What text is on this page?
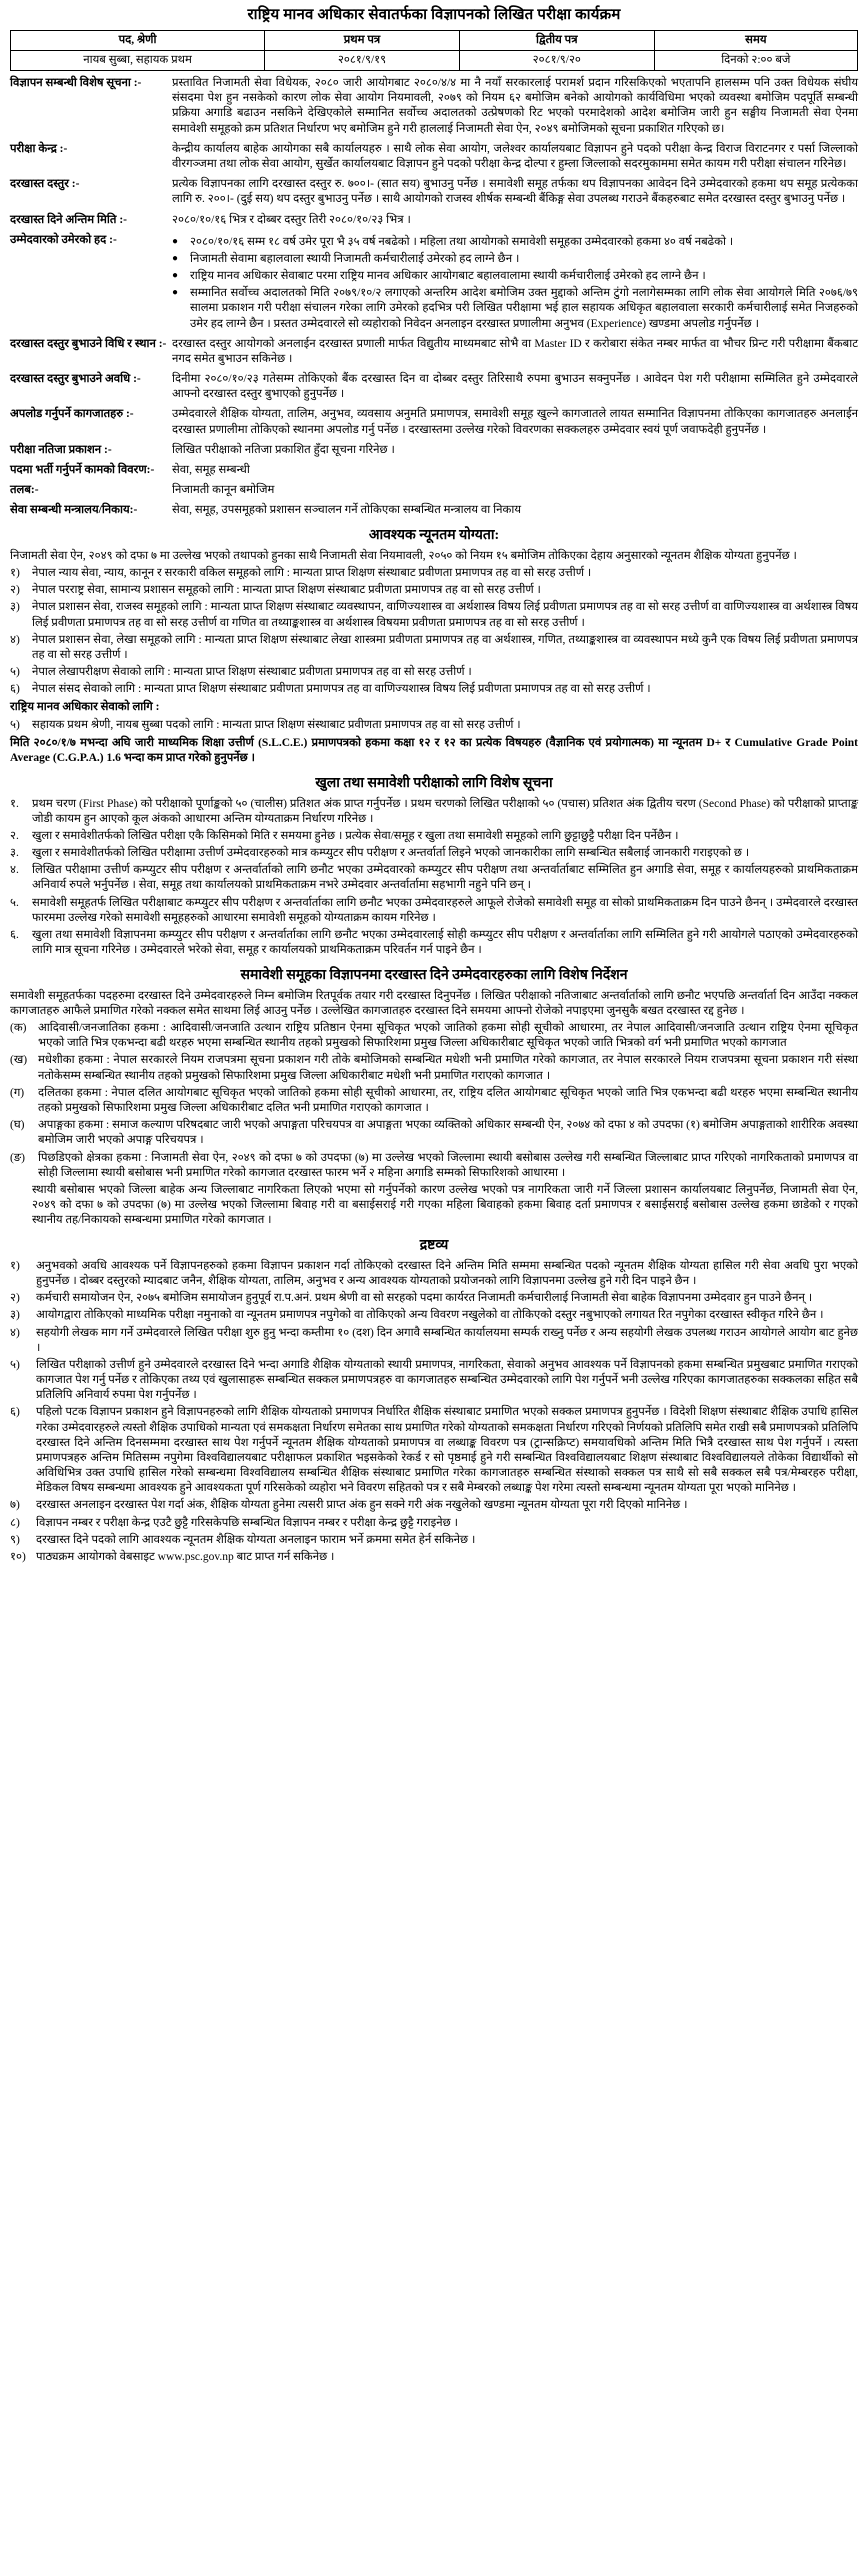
राष्ट्रिय मानव अधिकार सेवातर्फका विज्ञापनको लिखित परीक्षा कार्यक्रम
पद, श्रेणी	प्रथम पत्र	द्वितीय पत्र	समय
नायब सुब्बा, सहायक प्रथम	२०८१/९/१९	२०८१/९/२०	दिनको २:०० बजे
विज्ञापन सम्बन्धी विशेष सूचना :-	प्रस्तावित निजामती सेवा विधेयक, २०८० जारी आयोगबाट २०८०/४/४ मा नै नयाँ सरकारलाई परामर्श प्रदान गरिसकिएको भएतापनि हालसम्म पनि उक्त विधेयक संघीय संसदमा पेश हुन नसकेको कारण लोक सेवा आयोग नियमावली, २०७९ को नियम ६२ बमोजिम बनेको आयोगको कार्यविधिमा भएको व्यवस्था बमोजिम पदपूर्ति सम्बन्धी प्रक्रिया अगाडि बढाउन नसकिने देखिएकोले सम्मानित सर्वोच्च अदालतको उत्प्रेषणको रिट भएको परमादेशको आदेश बमोजिम जारी हुन सङ्घीय निजामती सेवा ऐनमा समावेशी समूहको क्रम प्रतिशत निर्धारण भए बमोजिम हुने गरी हाललाई निजामती सेवा ऐन, २०४९ बमोजिमको सूचना प्रकाशित गरिएको छ।
परीक्षा केन्द्र :-	केन्द्रीय कार्यालय बाहेक आयोगका सबै कार्यालयहरु । साथै लोक सेवा आयोग, जलेश्वर कार्यालयबाट विज्ञापन हुने पदको परीक्षा केन्द्र विराज विराटनगर र पर्सा जिल्लाको वीरगञ्जमा तथा लोक सेवा आयोग, सुर्खेत कार्यालयबाट विज्ञापन हुने पदको परीक्षा केन्द्र दोल्पा र हुम्ला जिल्लाको सदरमुकाममा समेत कायम गरी परीक्षा संचालन गरिनेछ।
दरखास्त दस्तुर :-	प्रत्येक विज्ञापनका लागि दरखास्त दस्तुर रु. ७००।- (सात सय) बुभाउनु पर्नेछ । समावेशी समूह तर्फका थप विज्ञापनका आवेदन दिने उम्मेदवारको हकमा थप समूह प्रत्येकका लागि रु. २००।- (दुई सय) थप दस्तुर बुभाउनु पर्नेछ । साथै आयोगको राजस्व शीर्षक सम्बन्धी बैंकिङ्ग सेवा उपलब्ध गराउने बैंकहरुबाट समेत दरखास्त दस्तुर बुभाउनु पर्नेछ ।
दरखास्त दिने अन्तिम मिति :-	२०८०/१०/१६ भित्र र दोब्बर दस्तुर तिरी २०८०/१०/२३ भित्र ।
उम्मेदवारको उमेरको हद :-	●	२०८०/१०/१६ सम्म १८ वर्ष उमेर पूरा भै ३५ वर्ष नबढेको । महिला तथा आयोगको समावेशी समूहका उम्मेदवारको हकमा ४० वर्ष नबढेको ।
●	निजामती सेवामा बहालवाला स्थायी निजामती कर्मचारीलाई उमेरको हद लाग्ने छैन ।
●	राष्ट्रिय मानव अधिकार सेवाबाट परमा राष्ट्रिय मानव अधिकार आयोगबाट बहालवालामा स्थायी कर्मचारीलाई उमेरको हद लाग्ने छैन ।
●	सम्मानित सर्वोच्च अदालतको मिति २०७९/१०/२ लगाएको अन्तरिम आदेश बमोजिम उक्त मुद्दाको अन्तिम टुंगो नलागेसम्मका लागि लोक सेवा आयोगले मिति २०७६/७९ सालमा प्रकाशन गरी परीक्षा संचालन गरेका लागि उमेरको हदभित्र परी लिखित परीक्षामा भई हाल सहायक अधिकृत बहालवाला सरकारी कर्मचारीलाई समेत निजहरुको उमेर हद लाग्ने छैन । प्रस्तत उम्मेदवारले सो व्यहोराको निवेदन अनलाइन दरखास्त प्रणालीमा अनुभव (Experience) खण्डमा अपलोड गर्नुपर्नेछ ।
दरखास्त दस्तुर बुभाउने विधि र स्थान :- दरखास्त दस्तुर आयोगको अनलाईन दरखास्त प्रणाली मार्फत विद्युतीय माध्यमबाट सोभै वा Master ID र करोबारा संकेत नम्बर मार्फत वा भौचर प्रिन्ट गरी परीक्षामा बैंकबाट नगद समेत बुभाउन सकिनेछ ।
दरखास्त दस्तुर बुभाउने अवधि :-	दिनीमा २०८०/१०/२३ गतेसम्म तोकिएको बैंक दरखास्त दिन वा दोब्बर दस्तुर तिरिसाथै रुपमा बुभाउन सक्नुपर्नेछ । आवेदन पेश गरी परीक्षामा सम्मिलित हुने उम्मेदवारले आफ्नो दरखास्त दस्तुर बुभाएको हुनुपर्नेछ ।
अपलोड गर्नुपर्ने कागजातहरु :-	उम्मेदवारले शैक्षिक योग्यता, तालिम, अनुभव, व्यवसाय अनुमति प्रमाणपत्र, समावेशी समूह खुल्ने कागजातले लायत सम्मानित विज्ञापनमा तोकिएका कागजातहरु अनलाईन दरखास्त प्रणालीमा तोकिएको स्थानमा अपलोड गर्नु पर्नेछ । दरखास्तमा उल्लेख गरेको विवरणका सक्कलहरु उम्मेदवार स्वयं पूर्ण जवाफदेही हुनुपर्नेछ ।
परीक्षा नतिजा प्रकाशन :-	लिखित परीक्षाको नतिजा प्रकाशित हुँदा सूचना गरिनेछ ।
पदमा भर्ती गर्नुपर्ने कामको विवरण:-	सेवा, समूह सम्बन्धी
तलब:-	निजामती कानून बमोजिम
सेवा सम्बन्धी मन्त्रालय/निकाय:-	सेवा, समूह, उपसमूहको प्रशासन सञ्चालन गर्ने तोकिएका सम्बन्धित मन्त्रालय वा निकाय
आवश्यक न्यूनतम योग्यता:
निजामती सेवा ऐन, २०४९ को दफा ७ मा उल्लेख भएको तथापको हुनका साथै निजामती सेवा नियमावली, २०५० को नियम १५ बमोजिम तोकिएका देहाय अनुसारको न्यूनतम शैक्षिक योग्यता हुनुपर्नेछ ।
१)	नेपाल न्याय सेवा, न्याय, कानून र सरकारी वकिल समूहको लागि : मान्यता प्राप्त शिक्षण संस्थाबाट प्रवीणता प्रमाणपत्र तह वा सो सरह उत्तीर्ण ।
२)	नेपाल परराष्ट्र सेवा, सामान्य प्रशासन समूहको लागि : मान्यता प्राप्त शिक्षण संस्थाबाट प्रवीणता प्रमाणपत्र तह वा सो सरह उत्तीर्ण ।
३)	नेपाल प्रशासन सेवा, राजस्व समूहको लागि : मान्यता प्राप्त शिक्षण संस्थाबाट व्यवस्थापन, वाणिज्यशास्त्र वा अर्थशास्त्र विषय लिई प्रवीणता प्रमाणपत्र तह वा सो सरह उत्तीर्ण वा वाणिज्यशास्त्र वा अर्थशास्त्र विषय लिई प्रवीणता प्रमाणपत्र तह वा सो सरह उत्तीर्ण वा गणित वा तथ्याङ्कशास्त्र वा अर्थशास्त्र विषयमा प्रवीणता प्रमाणपत्र तह वा सो सरह उत्तीर्ण ।
४)	नेपाल प्रशासन सेवा, लेखा समूहको लागि : मान्यता प्राप्त शिक्षण संस्थाबाट लेखा शास्त्रमा प्रवीणता प्रमाणपत्र तह वा अर्थशास्त्र, गणित, तथ्याङ्कशास्त्र वा व्यवस्थापन मध्ये कुनै एक विषय लिई प्रवीणता प्रमाणपत्र तह वा सो सरह उत्तीर्ण ।
५)	नेपाल लेखापरीक्षण सेवाको लागि : मान्यता प्राप्त शिक्षण संस्थाबाट प्रवीणता प्रमाणपत्र तह वा सो सरह उत्तीर्ण ।
६)	नेपाल संसद सेवाको लागि : मान्यता प्राप्त शिक्षण संस्थाबाट प्रवीणता प्रमाणपत्र तह वा वाणिज्यशास्त्र विषय लिई प्रवीणता प्रमाणपत्र तह वा सो सरह उत्तीर्ण ।
राष्ट्रिय मानव अधिकार सेवाको लागि :
५)	सहायक प्रथम श्रेणी, नायब सुब्बा पदको लागि : मान्यता प्राप्त शिक्षण संस्थाबाट प्रवीणता प्रमाणपत्र तह वा सो सरह उत्तीर्ण ।
मिति २०८०/१/७ मभन्दा अघि जारी माध्यमिक शिक्षा उत्तीर्ण (S.L.C.E.) प्रमाणपत्रको हकमा कक्षा १२ र १२ का प्रत्येक विषयहरु (वैज्ञानिक एवं प्रयोगात्मक) मा न्यूनतम D+ र Cumulative Grade Point Average (C.G.P.A.) 1.6 भन्दा कम प्राप्त गरेको हुनुपर्नेछ ।
खुला तथा समावेशी परीक्षाको लागि विशेष सूचना
१.	प्रथम चरण (First Phase) को परीक्षाको पूर्णाङ्कको ५० (चालीस) प्रतिशत अंक प्राप्त गर्नुपर्नेछ । प्रथम चरणको लिखित परीक्षाको ५० (पचास) प्रतिशत अंक द्वितीय चरण (Second Phase) को परीक्षाको प्राप्ताङ्क जोडी कायम हुन आएको कूल अंकको आधारमा अन्तिम योग्यताक्रम निर्धारण गरिनेछ ।
२.	खुला र समावेशीतर्फको लिखित परीक्षा एकै किसिमको मिति र समयमा हुनेछ । प्रत्येक सेवा/समूह र खुला तथा समावेशी समूहको लागि छुट्टाछुट्टै परीक्षा दिन पर्नेछैन ।
३.	खुला र समावेशीतर्फको लिखित परीक्षामा उत्तीर्ण उम्मेदवारहरुको मात्र कम्प्युटर सीप परीक्षण र अन्तर्वार्ता लिइने भएको जानकारीका लागि सम्बन्धित सबैलाई जानकारी गराइएको छ ।
४.	लिखित परीक्षामा उत्तीर्ण कम्प्युटर सीप परीक्षण र अन्तर्वार्ताको लागि छनौट भएका उम्मेदवारको कम्प्युटर सीप परीक्षण तथा अन्तर्वार्ताबाट सम्मिलित हुन अगाडि सेवा, समूह र कार्यालयहरुको प्राथमिकताक्रम अनिवार्य रुपले भर्नुपर्नेछ । सेवा, समूह तथा कार्यालयको प्राथमिकताक्रम नभरे उम्मेदवार अन्तर्वार्तामा सहभागी नहुने पनि छन् ।
५.	समावेशी समूहतर्फ लिखित परीक्षाबाट कम्प्युटर सीप परीक्षण र अन्तर्वार्ताका लागि छनौट भएका उम्मेदवारहरुले आफूले रोजेको समावेशी समूह वा सोको प्राथमिकताक्रम दिन पाउने छैनन् । उम्मेदवारले दरखास्त फारममा उल्लेख गरेको समावेशी समूहहरुको आधारमा समावेशी समूहको योग्यताक्रम कायम गरिनेछ ।
६.	खुला तथा समावेशी विज्ञापनमा कम्प्युटर सीप परीक्षण र अन्तर्वार्ताका लागि छनौट भएका उम्मेदवारलाई सोही कम्प्युटर सीप परीक्षण र अन्तर्वार्ताका लागि सम्मिलित हुने गरी आयोगले पठाएको उम्मेदवारहरुको लागि मात्र सूचना गरिनेछ । उम्मेदवारले भरेको सेवा, समूह र कार्यालयको प्राथमिकताक्रम परिवर्तन गर्न पाइने छैन ।
समावेशी समूहका विज्ञापनमा दरखास्त दिने उम्मेदवारहरुका लागि विशेष निर्देशन
समावेशी समूहतर्फका पदहरुमा दरखास्त दिने उम्मेदवारहरुले निम्न बमोजिम रितपूर्वक तयार गरी दरखास्त दिनुपर्नेछ । लिखित परीक्षाको नतिजाबाट अन्तर्वार्ताको लागि छनौट भएपछि अन्तर्वार्ता दिन आउँदा नक्कल कागजातहरु आफैले प्रमाणित गरेको नक्कल समेत साथमा लिई आउनु पर्नेछ । उल्लेखित कागजातहरु दरखास्त दिने समयमा आफ्नो रोजेको नपाइएमा जुनसुकै बखत दरखास्त रद्द हुनेछ ।
(क)	आदिवासी/जनजातिका हकमा : आदिवासी/जनजाति उत्थान राष्ट्रिय प्रतिष्ठान ऐनमा सूचिकृत भएको जातिको हकमा सोही सूचीको आधारमा, तर नेपाल आदिवासी/जनजाति उत्थान राष्ट्रिय ऐनमा सूचिकृत भएको जाति भित्र एकभन्दा बढी थरहरु भएमा सम्बन्धित स्थानीय तहको प्रमुखको सिफारिशमा प्रमुख जिल्ला अधिकारीबाट सूचिकृत भएको जाति भित्रको वर्ग भनी प्रमाणित भएको कागजात
(ख) मधेशीका हकमा : नेपाल सरकारले नियम राजपत्रमा सूचना प्रकाशन गरी तोके बमोजिमको सम्बन्धित मधेशी भनी प्रमाणित गरेको कागजात, तर नेपाल सरकारले नियम राजपत्रमा सूचना प्रकाशन गरी संस्था नतोकेसम्म सम्बन्धित स्थानीय तहको प्रमुखको सिफारिशमा प्रमुख जिल्ला अधिकारीबाट मधेशी भनी प्रमाणित गराएको कागजात ।
(ग)	दलितका हकमा : नेपाल दलित आयोगबाट सूचिकृत भएको जातिको हकमा सोही सूचीको आधारमा, तर, राष्ट्रिय दलित आयोगबाट सूचिकृत भएको जाति भित्र एकभन्दा बढी थरहरु भएमा सम्बन्धित स्थानीय तहको प्रमुखको सिफारिशमा प्रमुख जिल्ला अधिकारीबाट दलित भनी प्रमाणित गराएको कागजात ।
(घ)	अपाङ्गका हकमा : समाज कल्याण परिषदबाट जारी भएको अपाङ्गता परिचयपत्र वा अपाङ्गता भएका व्यक्तिको अधिकार सम्बन्धी ऐन, २०७४ को दफा ४ को उपदफा (१) बमोजिम अपाङ्गताको शारीरिक अवस्था बमोजिम जारी भएको अपाङ्ग परिचयपत्र ।
(ङ)	पिछडिएको क्षेत्रका हकमा : निजामती सेवा ऐन, २०४९ को दफा ७ को उपदफा (७) मा उल्लेख भएको जिल्लामा स्थायी बसोबास उल्लेख गरी सम्बन्धित जिल्लाबाट प्राप्त गरिएको नागरिकताको प्रमाणपत्र वा सोही जिल्लामा स्थायी बसोबास भनी प्रमाणित गरेको कागजात दरखास्त फारम भर्ने २ महिना अगाडि सम्मको सिफारिशको आधारमा ।
स्थायी बसोबास भएको जिल्ला बाहेक अन्य जिल्लाबाट नागरिकता लिएको भएमा सो गर्नुपर्नेको कारण उल्लेख भएको पत्र नागरिकता जारी गर्ने जिल्ला प्रशासन कार्यालयबाट लिनुपर्नेछ, निजामती सेवा ऐन, २०४९ को दफा ७ को उपदफा (७) मा उल्लेख भएको जिल्लामा बिवाह गरी वा बसाईसराई गरी गएका महिला बिवाहको हकमा बिवाह दर्ता प्रमाणपत्र र बसाईसराई बसोबास उल्लेख हकमा छाडेको र गएको स्थानीय तह/निकायको सम्बन्धमा प्रमाणित गरेको कागजात ।
द्रष्टव्य
१)	अनुभवको अवधि आवश्यक पर्ने विज्ञापनहरुको हकमा विज्ञापन प्रकाशन गर्दा तोकिएको दरखास्त दिने अन्तिम मिति सम्ममा सम्बन्धित पदको न्यूनतम शैक्षिक योग्यता हासिल गरी सेवा अवधि पुरा भएको हुनुपर्नेछ । दोब्बर दस्तुरको म्यादबाट जनैन, शैक्षिक योग्यता, तालिम, अनुभव र अन्य आवश्यक योग्यताको प्रयोजनको लागि विज्ञापनमा उल्लेख हुने गरी दिन पाइने छैन ।
२)	कर्मचारी समायोजन ऐन, २०७५ बमोजिम समायोजन हुनुपूर्व रा.प.अनं. प्रथम श्रेणी वा सो सरहको पदमा कार्यरत निजामती कर्मचारीलाई निजामती सेवा बाहेक विज्ञापनमा उम्मेदवार हुन पाउने छैनन् ।
३)	आयोगद्वारा तोकिएको माध्यमिक परीक्षा नमुनाको वा न्यूनतम प्रमाणपत्र नपुगेको वा तोकिएको अन्य विवरण नखुलेको वा तोकिएको दस्तुर नबुभाएको लगायत रित नपुगेका दरखास्त स्वीकृत गरिने छैन ।
४)	सहयोगी लेखक माग गर्ने उम्मेदवारले लिखित परीक्षा शुरु हुनु भन्दा कम्तीमा १० (दश) दिन अगावै सम्बन्धित कार्यालयमा सम्पर्क राख्नु पर्नेछ र अन्य सहयोगी लेखक उपलब्ध गराउन आयोगले आयोग बाट हुनेछ ।
५)	लिखित परीक्षाको उत्तीर्ण हुने उम्मेदवारले दरखास्त दिने भन्दा अगाडि शैक्षिक योग्यताको स्थायी प्रमाणपत्र, नागरिकता, सेवाको अनुभव आवश्यक पर्ने विज्ञापनको हकमा सम्बन्धित प्रमुखबाट प्रमाणित गराएको कागजात पेश गर्नु पर्नेछ र तोकिएका तथ्य एवं खुलासाहरू सम्बन्धित सक्कल प्रमाणपत्रहरु वा कागजातहरु सम्बन्धित उम्मेदवारको लागि पेश गर्नुपर्ने भनी उल्लेख गरिएका कागजातहरुका सक्कलका सहित सबै प्रतिलिपि अनिवार्य रुपमा पेश गर्नुपर्नेछ ।
६)	पहिलो पटक विज्ञापन प्रकाशन हुने विज्ञापनहरुको लागि शैक्षिक योग्यताको प्रमाणपत्र निर्धारित शैक्षिक संस्थाबाट प्रमाणित भएको सक्कल प्रमाणपत्र हुनुपर्नेछ । विदेशी शिक्षण संस्थाबाट शैक्षिक उपाधि हासिल गरेका उम्मेदवारहरुले त्यस्तो शैक्षिक उपाधिको मान्यता एवं समकक्षता निर्धारण समेतका साथ प्रमाणित गरेको योग्यताको समकक्षता निर्धारण गरिएको निर्णयको प्रतिलिपि समेत राखी सबै प्रमाणपत्रको प्रतिलिपि दरखास्त दिने अन्तिम दिनसम्ममा दरखास्त साथ पेश गर्नुपर्ने न्यूनतम शैक्षिक योग्यताको प्रमाणपत्र वा लब्धाङ्क विवरण पत्र (ट्रान्सक्रिप्ट) समयावधिको अन्तिम मिति भित्रै दरखास्त साथ पेश गर्नुपर्ने । त्यस्ता प्रमाणपत्रहरु अन्तिम मितिसम्म नपुगेमा विश्वविद्यालयबाट परीक्षाफल प्रकाशित भइसकेको रेकर्ड र सो पृष्ठमाई हुने गरी सम्बन्धित विश्वविद्यालयबाट शिक्षण संस्थाबाट विश्वविद्यालयले तोकेका विद्यार्थीको सो अविधिभित्र उक्त उपाधि हासिल गरेको सम्बन्धमा विश्वविद्यालय सम्बन्धित शैक्षिक संस्थाबाट प्रमाणित गरेका कागजातहरु सम्बन्धित संस्थाको सक्कल पत्र साथै सो सबै सक्कल सबै पत्र/मेम्बरहरु परीक्षा, मेडिकल विषय सम्बन्धमा आवश्यक हुने आवश्यकता पूर्ण गरिसकेको व्यहोरा भने विवरण सहितको पत्र र सबै मेम्बरको लब्धाङ्क पेश गरेमा त्यस्तो सम्बन्धमा न्यूनतम योग्यता पूरा भएको मानिनेछ ।
७)	दरखास्त अनलाइन दरखास्त पेश गर्दा अंक, शैक्षिक योग्यता हुनेमा त्यसरी प्राप्त अंक हुन सक्ने गरी अंक नखुलेको खण्डमा न्यूनतम योग्यता पूरा गरी दिएको मानिनेछ ।
८)	विज्ञापन नम्बर र परीक्षा केन्द्र एउटै छुट्टै गरिसकेपछि सम्बन्धित विज्ञापन नम्बर र परीक्षा केन्द्र छुट्टै गराइनेछ ।
९)	दरखास्त दिने पदको लागि आवश्यक न्यूनतम शैक्षिक योग्यता अनलाइन फाराम भर्ने क्रममा समेत हेर्न सकिनेछ ।
१०) पाठ्यक्रम आयोगको वेबसाइट www.psc.gov.np बाट प्राप्त गर्न सकिनेछ ।
